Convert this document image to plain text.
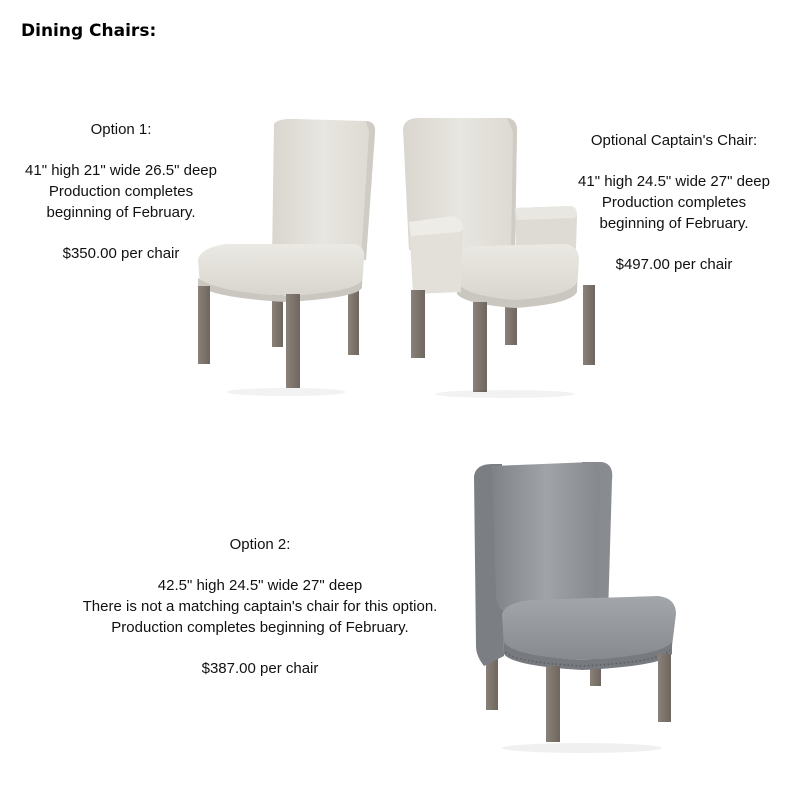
Dining Chairs:
Option 1:
41" high 21" wide 26.5" deep
Production completes
beginning of February.
$350.00 per chair
Optional Captain's Chair:
41" high 24.5" wide 27" deep
Production completes
beginning of February.
$497.00 per chair
Option 2:
42.5" high 24.5" wide 27" deep
There is not a matching captain's chair for this option.
Production completes beginning of February.
$387.00 per chair
